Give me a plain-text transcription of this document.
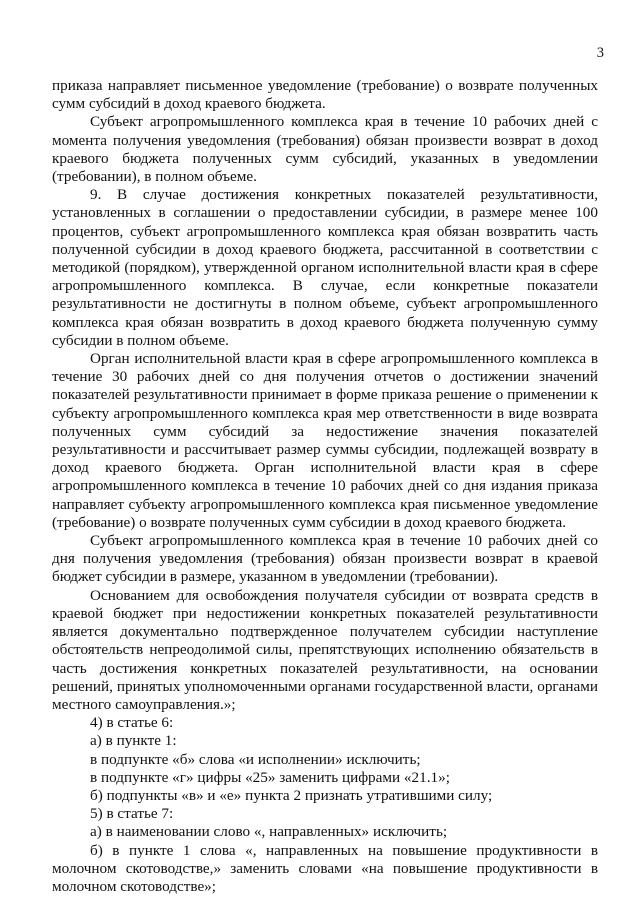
3

приказа направляет письменное уведомление (требование) о возврате полученных сумм субсидий в доход краевого бюджета.

Субъект агропромышленного комплекса края в течение 10 рабочих дней с момента получения уведомления (требования) обязан произвести возврат в доход краевого бюджета полученных сумм субсидий, указанных в уведомлении (требовании), в полном объеме.

9. В случае достижения конкретных показателей результативности, установленных в соглашении о предоставлении субсидии, в размере менее 100 процентов, субъект агропромышленного комплекса края обязан возвратить часть полученной субсидии в доход краевого бюджета, рассчитанной в соответствии с методикой (порядком), утвержденной органом исполнительной власти края в сфере агропромышленного комплекса. В случае, если конкретные показатели результативности не достигнуты в полном объеме, субъект агропромышленного комплекса края обязан возвратить в доход краевого бюджета полученную сумму субсидии в полном объеме.

Орган исполнительной власти края в сфере агропромышленного комплекса в течение 30 рабочих дней со дня получения отчетов о достижении значений показателей результативности принимает в форме приказа решение о применении к субъекту агропромышленного комплекса края мер ответственности в виде возврата полученных сумм субсидий за недостижение значения показателей результативности и рассчитывает размер суммы субсидии, подлежащей возврату в доход краевого бюджета. Орган исполнительной власти края в сфере агропромышленного комплекса в течение 10 рабочих дней со дня издания приказа направляет субъекту агропромышленного комплекса края письменное уведомление (требование) о возврате полученных сумм субсидии в доход краевого бюджета.

Субъект агропромышленного комплекса края в течение 10 рабочих дней со дня получения уведомления (требования) обязан произвести возврат в краевой бюджет субсидии в размере, указанном в уведомлении (требовании).

Основанием для освобождения получателя субсидии от возврата средств в краевой бюджет при недостижении конкретных показателей результативности является документально подтвержденное получателем субсидии наступление обстоятельств непреодолимой силы, препятствующих исполнению обязательств в часть достижения конкретных показателей результативности, на основании решений, принятых уполномоченными органами государственной власти, органами местного самоуправления.»;

4) в статье 6:

а) в пункте 1:

в подпункте «б» слова «и исполнении» исключить;

в подпункте «г» цифры «25» заменить цифрами «21.1»;

б) подпункты «в» и «е» пункта 2 признать утратившими силу;

5) в статье 7:

а) в наименовании слово «, направленных» исключить;

б) в пункте 1 слова «, направленных на повышение продуктивности в молочном скотоводстве,» заменить словами «на повышение продуктивности в молочном скотоводстве»;
